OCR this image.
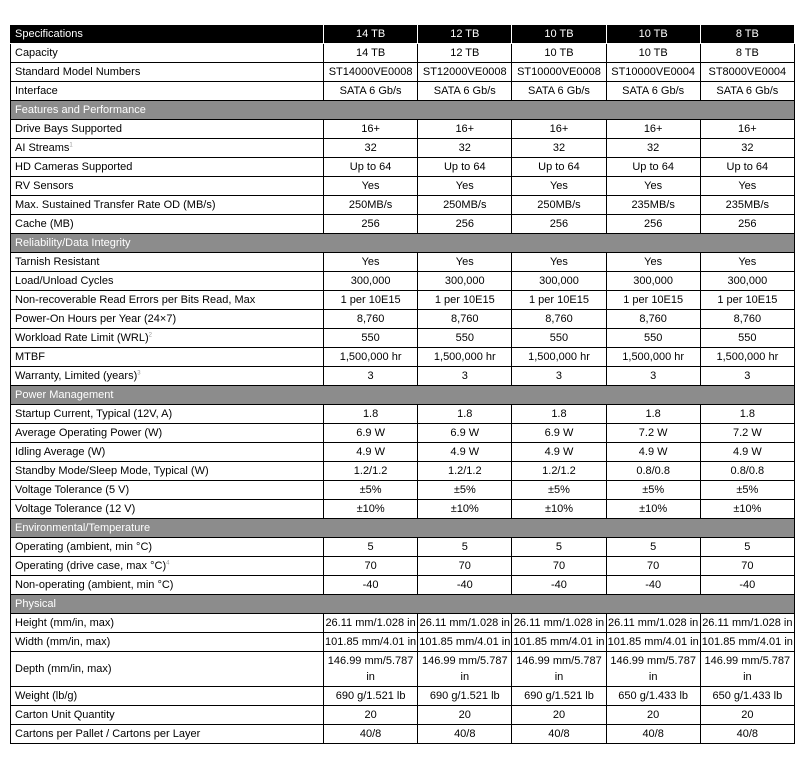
Specifications	14 TB	12 TB	10 TB	10 TB	8 TB
Capacity	14 TB	12 TB	10 TB	10 TB	8 TB
Standard Model Numbers	ST14000VE0008	ST12000VE0008	ST10000VE0008	ST10000VE0004	ST8000VE0004
Interface	SATA 6 Gb/s	SATA 6 Gb/s	SATA 6 Gb/s	SATA 6 Gb/s	SATA 6 Gb/s
Features and Performance					
Drive Bays Supported	16+	16+	16+	16+	16+
AI Streams$^1$	32	32	32	32	32
HD Cameras Supported	Up to 64	Up to 64	Up to 64	Up to 64	Up to 64
RV Sensors	Yes	Yes	Yes	Yes	Yes
Max. Sustained Transfer Rate OD (MB/s)	250MB/s	250MB/s	250MB/s	235MB/s	235MB/s
Cache (MB)	256	256	256	256	256
Reliability/Data Integrity					
Tarnish Resistant	Yes	Yes	Yes	Yes	Yes
Load/Unload Cycles	300,000	300,000	300,000	300,000	300,000
Non-recoverable Read Errors per Bits Read, Max	1 per 10E15	1 per 10E15	1 per 10E15	1 per 10E15	1 per 10E15
Power-On Hours per Year (24×7)	8,760	8,760	8,760	8,760	8,760
Workload Rate Limit (WRL)$^2$	550	550	550	550	550
MTBF	1,500,000 hr	1,500,000 hr	1,500,000 hr	1,500,000 hr	1,500,000 hr
Warranty, Limited (years)$^3$	3	3	3	3	3
Power Management					
Startup Current, Typical (12V, A)	1.8	1.8	1.8	1.8	1.8
Average Operating Power (W)	6.9 W	6.9 W	6.9 W	7.2 W	7.2 W
Idling Average (W)	4.9 W	4.9 W	4.9 W	4.9 W	4.9 W
Standby Mode/Sleep Mode, Typical (W)	1.2/1.2	1.2/1.2	1.2/1.2	0.8/0.8	0.8/0.8
Voltage Tolerance (5 V)	±5%	±5%	±5%	±5%	±5%
Voltage Tolerance (12 V)	±10%	±10%	±10%	±10%	±10%
Environmental/Temperature					
Operating (ambient, min °C)	5	5	5	5	5
Operating (drive case, max °C)$^4$	70	70	70	70	70
Non-operating (ambient, min °C)	-40	-40	-40	-40	-40
Physical					
Height (mm/in, max)	26.11 mm/1.028 in	26.11 mm/1.028 in	26.11 mm/1.028 in	26.11 mm/1.028 in	26.11 mm/1.028 in
Width (mm/in, max)	101.85 mm/4.01 in	101.85 mm/4.01 in	101.85 mm/4.01 in	101.85 mm/4.01 in	101.85 mm/4.01 in
Depth (mm/in, max)	146.99 mm/5.787 in	146.99 mm/5.787 in	146.99 mm/5.787 in	146.99 mm/5.787 in	146.99 mm/5.787 in
Weight (lb/g)	690 g/1.521 lb	690 g/1.521 lb	690 g/1.521 lb	650 g/1.433 lb	650 g/1.433 lb
Carton Unit Quantity	20	20	20	20	20
Cartons per Pallet / Cartons per Layer	40/8	40/8	40/8	40/8	40/8
